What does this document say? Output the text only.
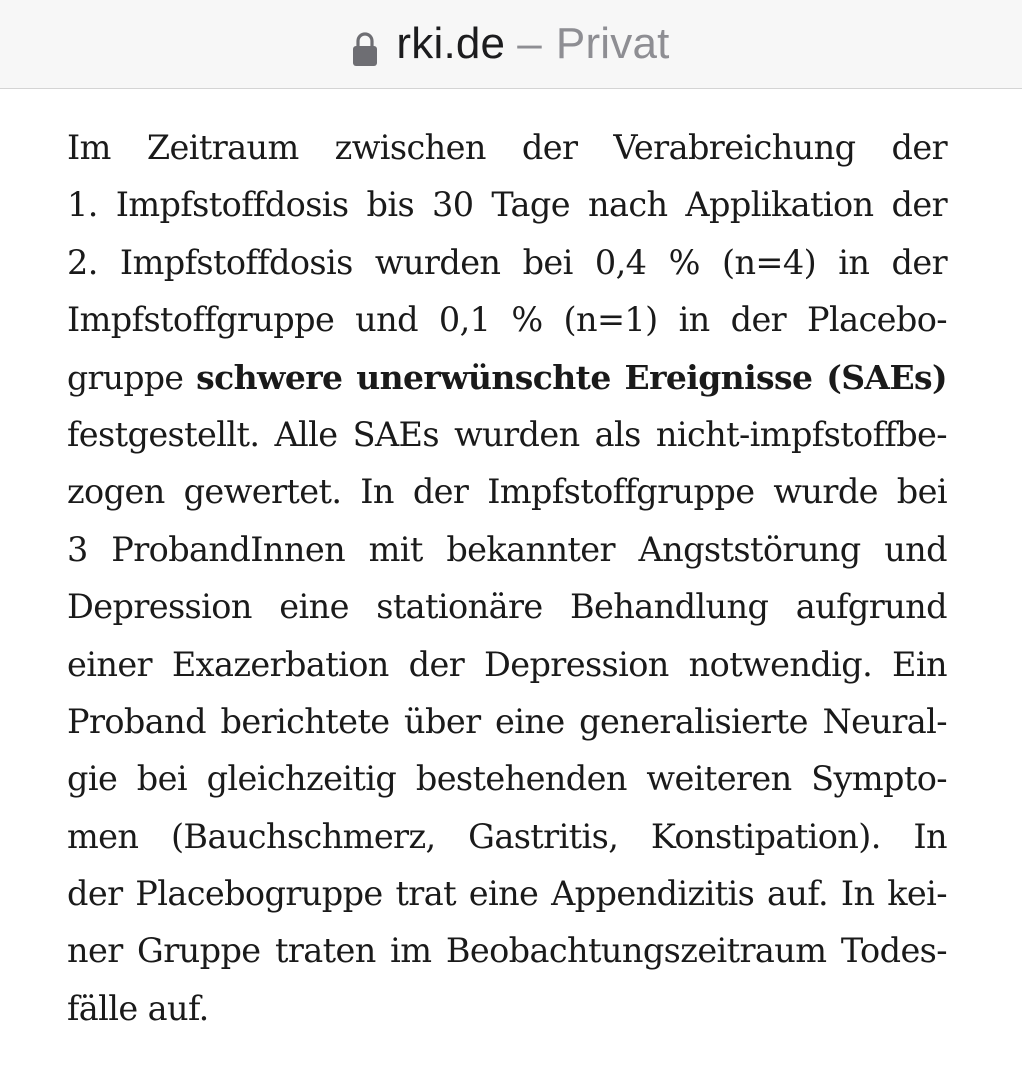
rki.de – Privat
Im Zeitraum zwischen der Verabreichung der
1. Impfstoffdosis bis 30 Tage nach Applikation der
2. Impfstoffdosis wurden bei 0,4 % (n=4) in der
Impfstoffgruppe und 0,1 % (n=1) in der Placebo-
gruppe schwere unerwünschte Ereignisse (SAEs)
festgestellt. Alle SAEs wurden als nicht-impfstoffbe-
zogen gewertet. In der Impfstoffgruppe wurde bei
3 ProbandInnen mit bekannter Angststörung und
Depression eine stationäre Behandlung aufgrund
einer Exazerbation der Depression notwendig. Ein
Proband berichtete über eine generalisierte Neural-
gie bei gleichzeitig bestehenden weiteren Sympto-
men (Bauchschmerz, Gastritis, Konstipation). In
der Placebogruppe trat eine Appendizitis auf. In kei-
ner Gruppe traten im Beobachtungszeitraum Todes-
fälle auf.
